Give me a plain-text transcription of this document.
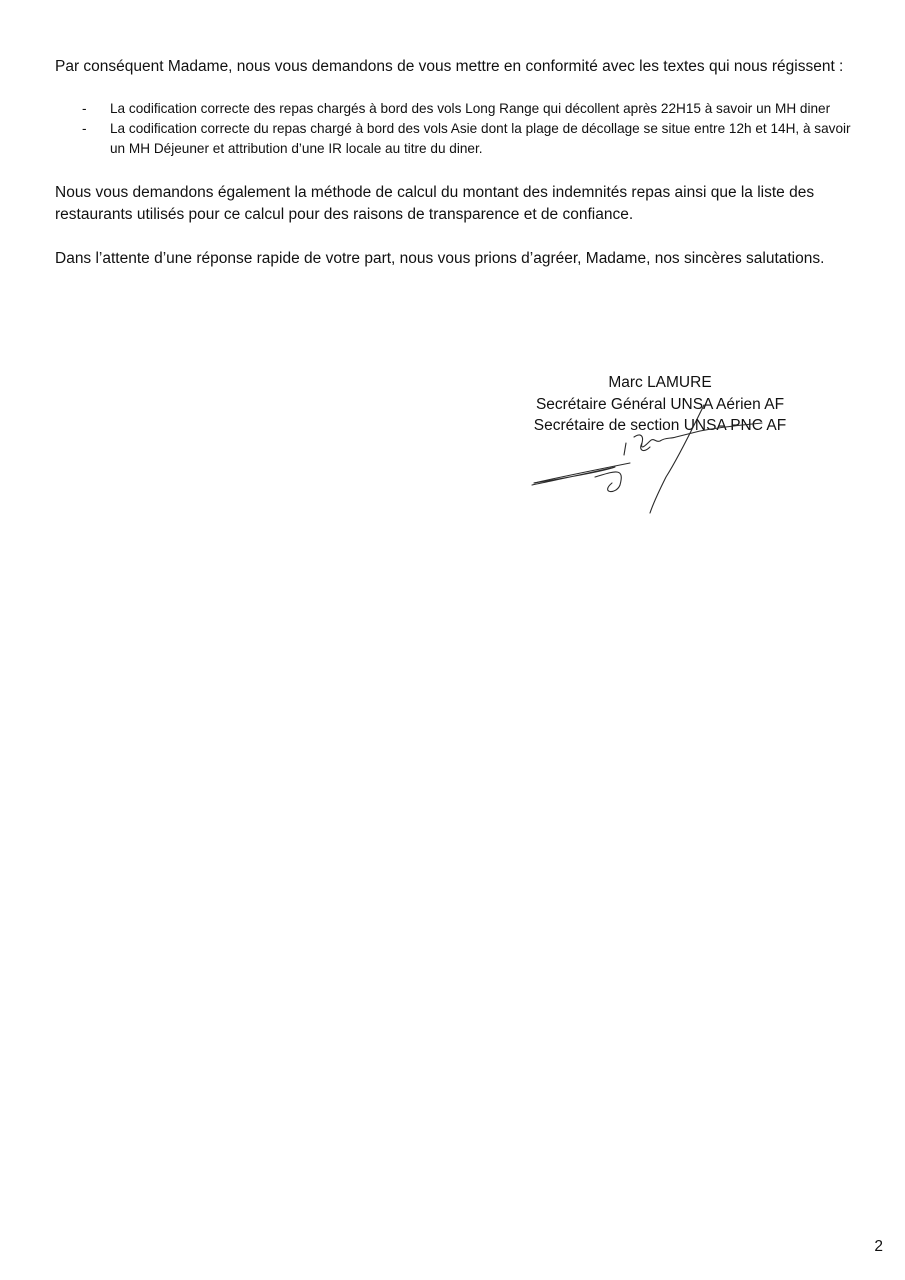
Par conséquent Madame, nous vous demandons de vous mettre en conformité avec les textes qui nous régissent :

- La codification correcte des repas chargés à bord des vols Long Range qui décollent après 22H15 à savoir un MH diner
- La codification correcte du repas chargé à bord des vols Asie dont la plage de décollage se situe entre 12h et 14H, à savoir un MH Déjeuner et attribution d’une IR locale au titre du diner.

Nous vous demandons également la méthode de calcul du montant des indemnités repas ainsi que la liste des restaurants utilisés pour ce calcul pour des raisons de transparence et de confiance.

Dans l’attente d’une réponse rapide de votre part, nous vous prions d’agréer, Madame, nos sincères salutations.

Marc LAMURE
Secrétaire Général UNSA Aérien AF
Secrétaire de section UNSA PNC AF
2
